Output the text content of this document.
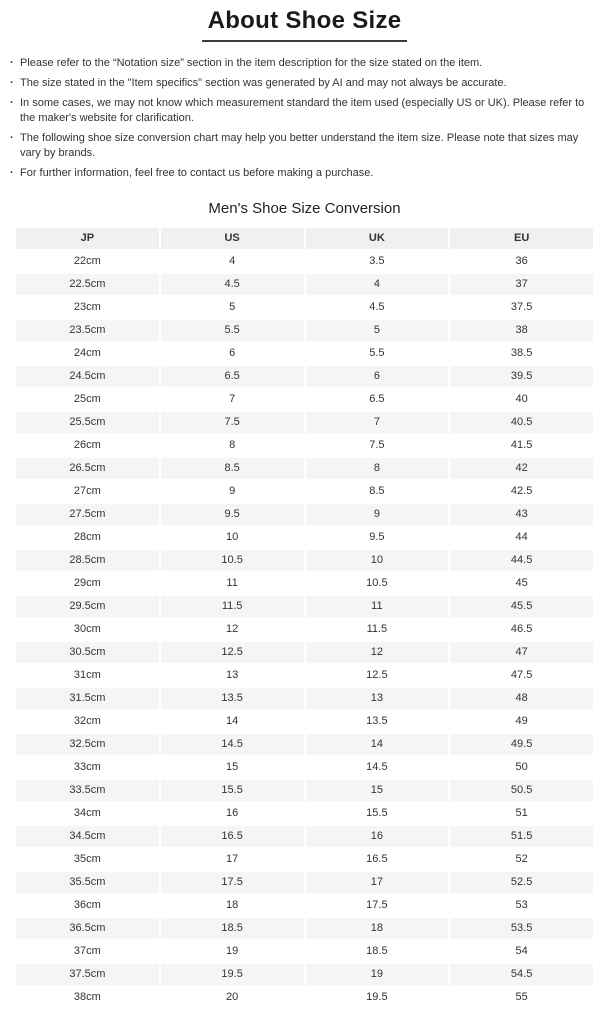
About Shoe Size
· Please refer to the “Notation size” section in the item description for the size stated on the item.
· The size stated in the "Item specifics" section was generated by AI and may not always be accurate.
· In some cases, we may not know which measurement standard the item used (especially US or UK). Please refer to the maker's website for clarification.
· The following shoe size conversion chart may help you better understand the item size. Please note that sizes may vary by brands.
· For further information, feel free to contact us before making a purchase.
Men's Shoe Size Conversion
JP	US	UK	EU
22cm	4	3.5	36
22.5cm	4.5	4	37
23cm	5	4.5	37.5
23.5cm	5.5	5	38
24cm	6	5.5	38.5
24.5cm	6.5	6	39.5
25cm	7	6.5	40
25.5cm	7.5	7	40.5
26cm	8	7.5	41.5
26.5cm	8.5	8	42
27cm	9	8.5	42.5
27.5cm	9.5	9	43
28cm	10	9.5	44
28.5cm	10.5	10	44.5
29cm	11	10.5	45
29.5cm	11.5	11	45.5
30cm	12	11.5	46.5
30.5cm	12.5	12	47
31cm	13	12.5	47.5
31.5cm	13.5	13	48
32cm	14	13.5	49
32.5cm	14.5	14	49.5
33cm	15	14.5	50
33.5cm	15.5	15	50.5
34cm	16	15.5	51
34.5cm	16.5	16	51.5
35cm	17	16.5	52
35.5cm	17.5	17	52.5
36cm	18	17.5	53
36.5cm	18.5	18	53.5
37cm	19	18.5	54
37.5cm	19.5	19	54.5
38cm	20	19.5	55
